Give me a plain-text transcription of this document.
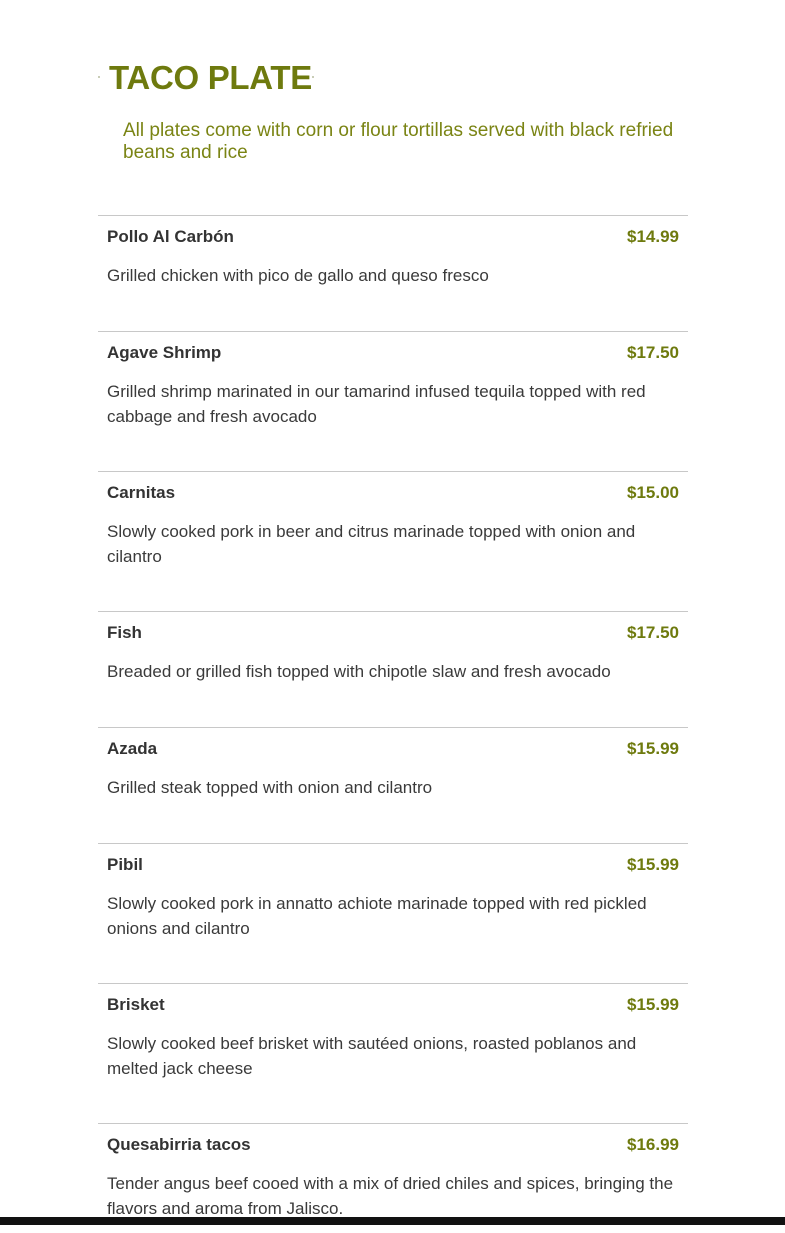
TACO PLATE
All plates come with corn or flour tortillas served with black refried beans and rice
Pollo Al Carbón	$14.99
Grilled chicken with pico de gallo and queso fresco
Agave Shrimp	$17.50
Grilled shrimp marinated in our tamarind infused tequila topped with red cabbage and fresh avocado
Carnitas	$15.00
Slowly cooked pork in beer and citrus marinade topped with onion and cilantro
Fish	$17.50
Breaded or grilled fish topped with chipotle slaw and fresh avocado
Azada	$15.99
Grilled steak topped with onion and cilantro
Pibil	$15.99
Slowly cooked pork in annatto achiote marinade topped with red pickled onions and cilantro
Brisket	$15.99
Slowly cooked beef brisket with sautéed onions, roasted poblanos and melted jack cheese
Quesabirria tacos	$16.99
Tender angus beef cooed with a mix of dried chiles and spices, bringing the flavors and aroma from Jalisco.
